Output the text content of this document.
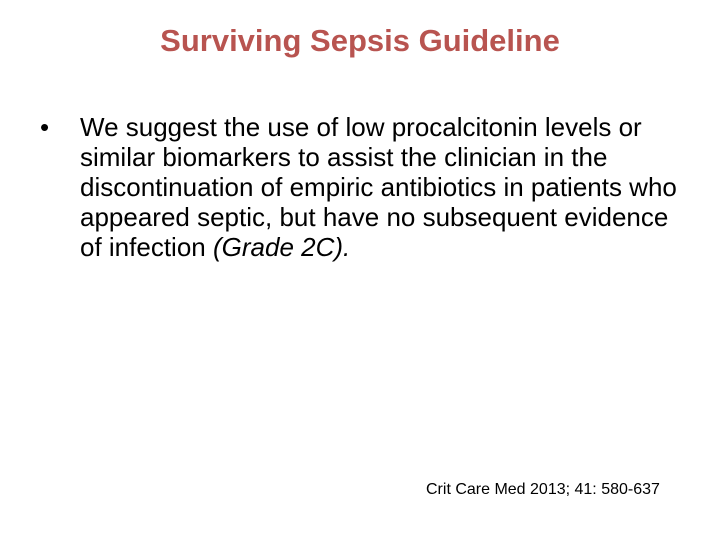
Surviving Sepsis Guideline
•	We suggest the use of low procalcitonin levels or similar biomarkers to assist the clinician in the discontinuation of empiric antibiotics in patients who appeared septic, but have no subsequent evidence of infection (Grade 2C).
Crit Care Med 2013; 41: 580-637
